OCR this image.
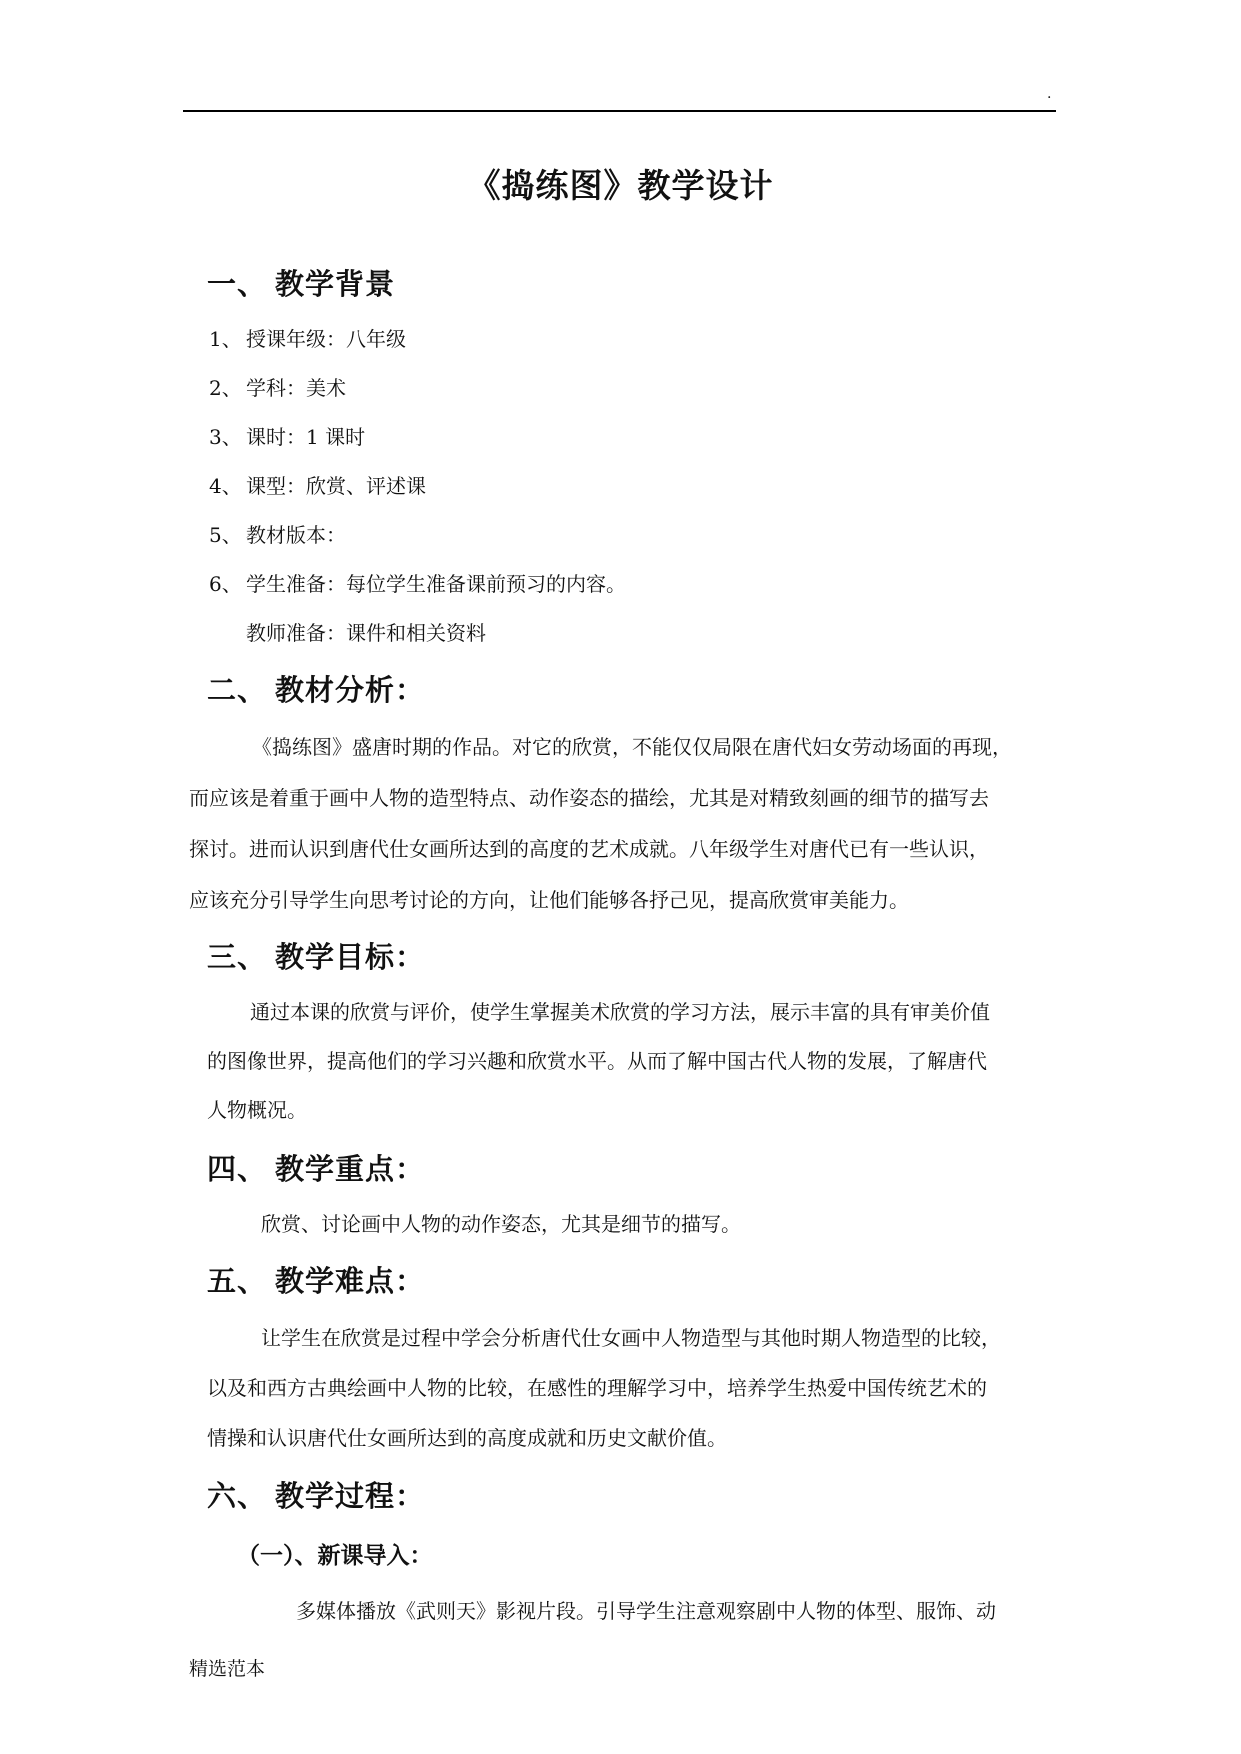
.
《捣练图》教学设计
一、 教学背景
1、 授课年级：八年级
2、 学科：美术
3、 课时：1 课时
4、 课型：欣赏、评述课
5、 教材版本：
6、 学生准备：每位学生准备课前预习的内容。
教师准备：课件和相关资料
二、 教材分析：
《捣练图》盛唐时期的作品。对它的欣赏，不能仅仅局限在唐代妇女劳动场面的再现，
而应该是着重于画中人物的造型特点、动作姿态的描绘，尤其是对精致刻画的细节的描写去
探讨。进而认识到唐代仕女画所达到的高度的艺术成就。八年级学生对唐代已有一些认识，
应该充分引导学生向思考讨论的方向，让他们能够各抒己见，提高欣赏审美能力。
三、 教学目标：
通过本课的欣赏与评价，使学生掌握美术欣赏的学习方法，展示丰富的具有审美价值
的图像世界，提高他们的学习兴趣和欣赏水平。从而了解中国古代人物的发展，了解唐代
人物概况。
四、 教学重点：
欣赏、讨论画中人物的动作姿态，尤其是细节的描写。
五、 教学难点：
让学生在欣赏是过程中学会分析唐代仕女画中人物造型与其他时期人物造型的比较，
以及和西方古典绘画中人物的比较，在感性的理解学习中，培养学生热爱中国传统艺术的
情操和认识唐代仕女画所达到的高度成就和历史文献价值。
六、 教学过程：
（一）、新课导入：
多媒体播放《武则天》影视片段。引导学生注意观察剧中人物的体型、服饰、动
精选范本
